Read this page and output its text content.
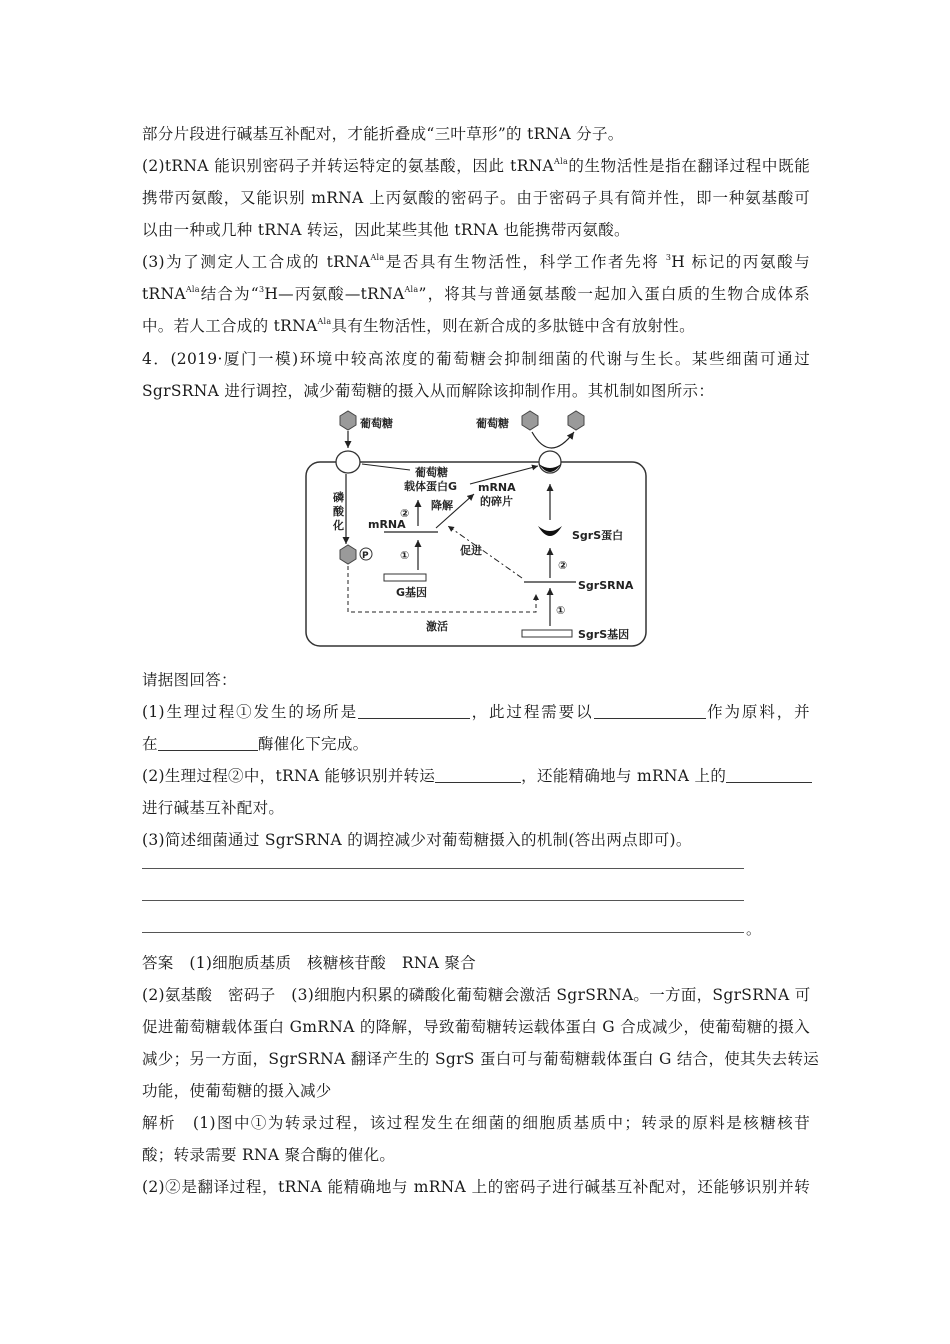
部分片段进行碱基互补配对，才能折叠成“三叶草形”的 tRNA 分子。
(2)tRNA 能识别密码子并转运特定的氨基酸，因此 tRNA$^{Ala}$的生物活性是指在翻译过程中既能
携带丙氨酸，又能识别 mRNA 上丙氨酸的密码子。由于密码子具有简并性，即一种氨基酸可
以由一种或几种 tRNA 转运，因此某些其他 tRNA 也能携带丙氨酸。
(3)为了测定人工合成的 tRNA$^{Ala}$是否具有生物活性，科学工作者先将 $^3$H 标记的丙氨酸与
tRNA$^{Ala}$结合为“$^3$H—丙氨酸—tRNA$^{Ala}$”，将其与普通氨基酸一起加入蛋白质的生物合成体系
中。若人工合成的 tRNA$^{Ala}$具有生物活性，则在新合成的多肽链中含有放射性。
4．(2019·厦门一模)环境中较高浓度的葡萄糖会抑制细菌的代谢与生长。某些细菌可通过
SgrSRNA 进行调控，减少葡萄糖的摄入从而解除该抑制作用。其机制如图所示：
葡萄糖	葡萄糖
葡萄糖
载体蛋白G
磷
酸
化
P
mRNA
②
降解
mRNA
的碎片
①
G基因
促进
SgrS蛋白
②
SgrSRNA
①
激活
SgrS基因
请据图回答：
(1)生理过程①发生的场所是	，此过程需要以	作为原料，并
在	酶催化下完成。
(2)生理过程②中，tRNA 能够识别并转运	，还能精确地与 mRNA 上的
进行碱基互补配对。
(3)简述细菌通过 SgrSRNA 的调控减少对葡萄糖摄入的机制(答出两点即可)。
。
答案　(1)细胞质基质　核糖核苷酸　RNA 聚合
(2)氨基酸　密码子　(3)细胞内积累的磷酸化葡萄糖会激活 SgrSRNA。一方面，SgrSRNA 可
促进葡萄糖载体蛋白 GmRNA 的降解，导致葡萄糖转运载体蛋白 G 合成减少，使葡萄糖的摄入
减少；另一方面，SgrSRNA 翻译产生的 SgrS 蛋白可与葡萄糖载体蛋白 G 结合，使其失去转运
功能，使葡萄糖的摄入减少
解析　(1)图中①为转录过程，该过程发生在细菌的细胞质基质中；转录的原料是核糖核苷
酸；转录需要 RNA 聚合酶的催化。
(2)②是翻译过程，tRNA 能精确地与 mRNA 上的密码子进行碱基互补配对，还能够识别并转
